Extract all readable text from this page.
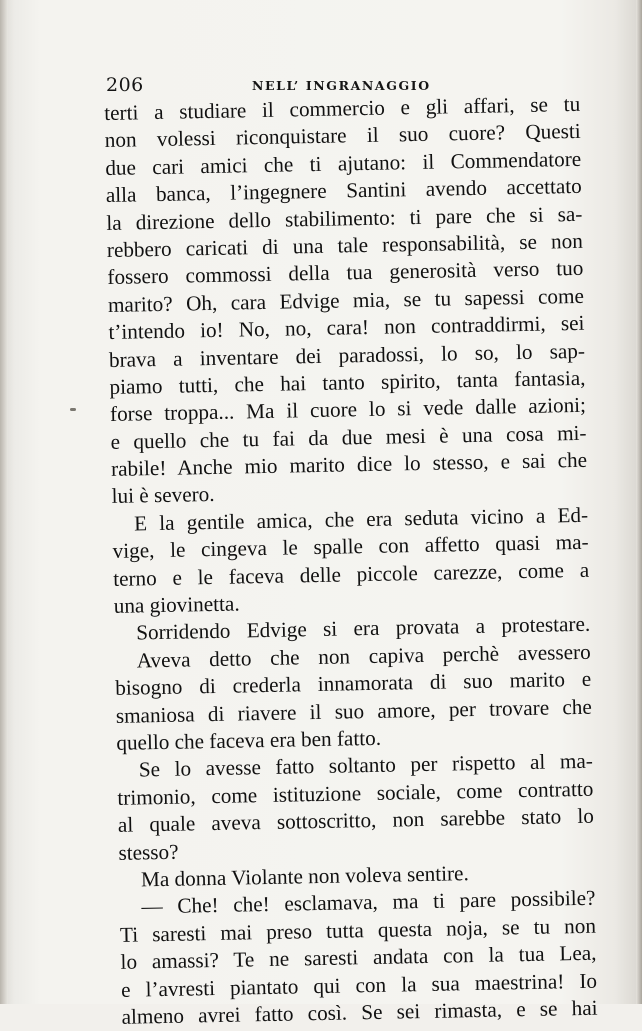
206	NELL’ INGRANAGGIO
terti a studiare il commercio e gli affari, se tu
non volessi riconquistare il suo cuore? Questi
due cari amici che ti ajutano: il Commendatore
alla banca, l’ingegnere Santini avendo accettato
la direzione dello stabilimento: ti pare che si sa-
rebbero caricati di una tale responsabilità, se non
fossero commossi della tua generosità verso tuo
marito? Oh, cara Edvige mia, se tu sapessi come
t’intendo io! No, no, cara! non contraddirmi, sei
brava a inventare dei paradossi, lo so, lo sap-
piamo tutti, che hai tanto spirito, tanta fantasia,
forse troppa... Ma il cuore lo si vede dalle azioni;
e quello che tu fai da due mesi è una cosa mi-
rabile! Anche mio marito dice lo stesso, e sai che
lui è severo.
E la gentile amica, che era seduta vicino a Ed-
vige, le cingeva le spalle con affetto quasi ma-
terno e le faceva delle piccole carezze, come a
una giovinetta.
Sorridendo Edvige si era provata a protestare.
Aveva detto che non capiva perchè avessero
bisogno di crederla innamorata di suo marito e
smaniosa di riavere il suo amore, per trovare che
quello che faceva era ben fatto.
Se lo avesse fatto soltanto per rispetto al ma-
trimonio, come istituzione sociale, come contratto
al quale aveva sottoscritto, non sarebbe stato lo
stesso?
Ma donna Violante non voleva sentire.
— Che! che! esclamava, ma ti pare possibile?
Ti saresti mai preso tutta questa noja, se tu non
lo amassi? Te ne saresti andata con la tua Lea,
e l’avresti piantato qui con la sua maestrina! Io
almeno avrei fatto così. Se sei rimasta, e se hai
